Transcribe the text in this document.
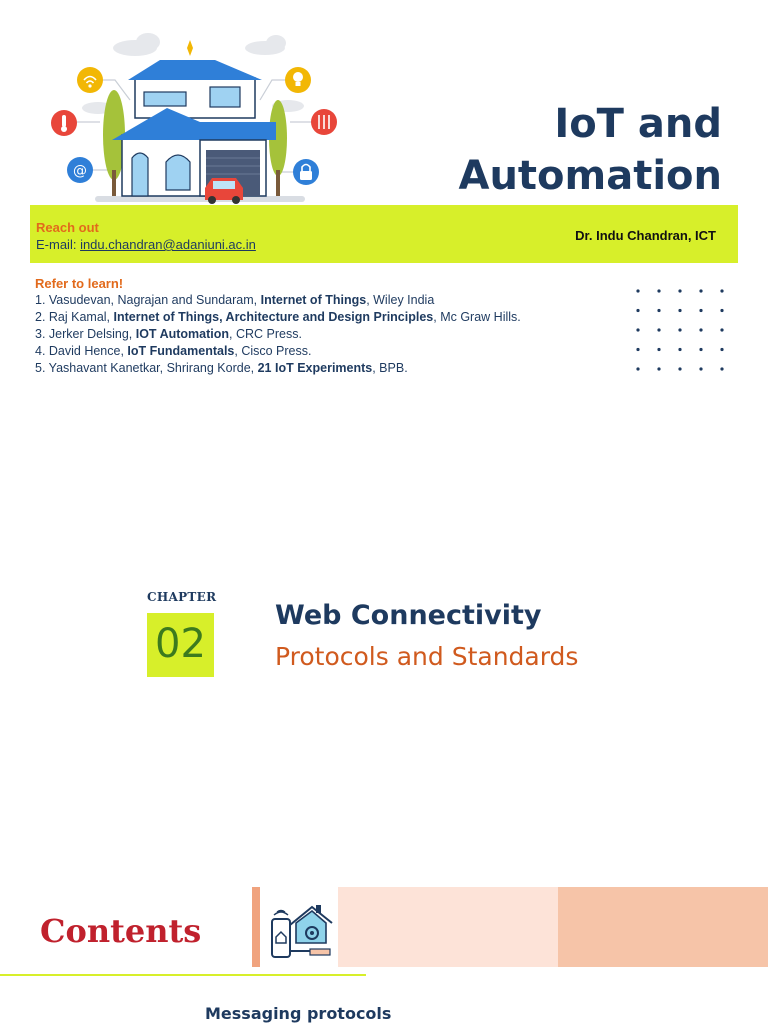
@
IoT and
Automation
Reach out
E-mail: indu.chandran@adaniuni.ac.in
Dr. Indu Chandran, ICT
Refer to learn!
1. Vasudevan, Nagrajan and Sundaram, Internet of Things, Wiley India
2. Raj Kamal, Internet of Things, Architecture and Design Principles, Mc Graw Hills.
3. Jerker Delsing, IOT Automation, CRC Press.
4. David Hence, IoT Fundamentals, Cisco Press.
5. Yashavant Kanetkar, Shrirang Korde, 21 IoT Experiments, BPB.
CHAPTER
02
Web Connectivity
Protocols and Standards
Contents
Messaging protocols
